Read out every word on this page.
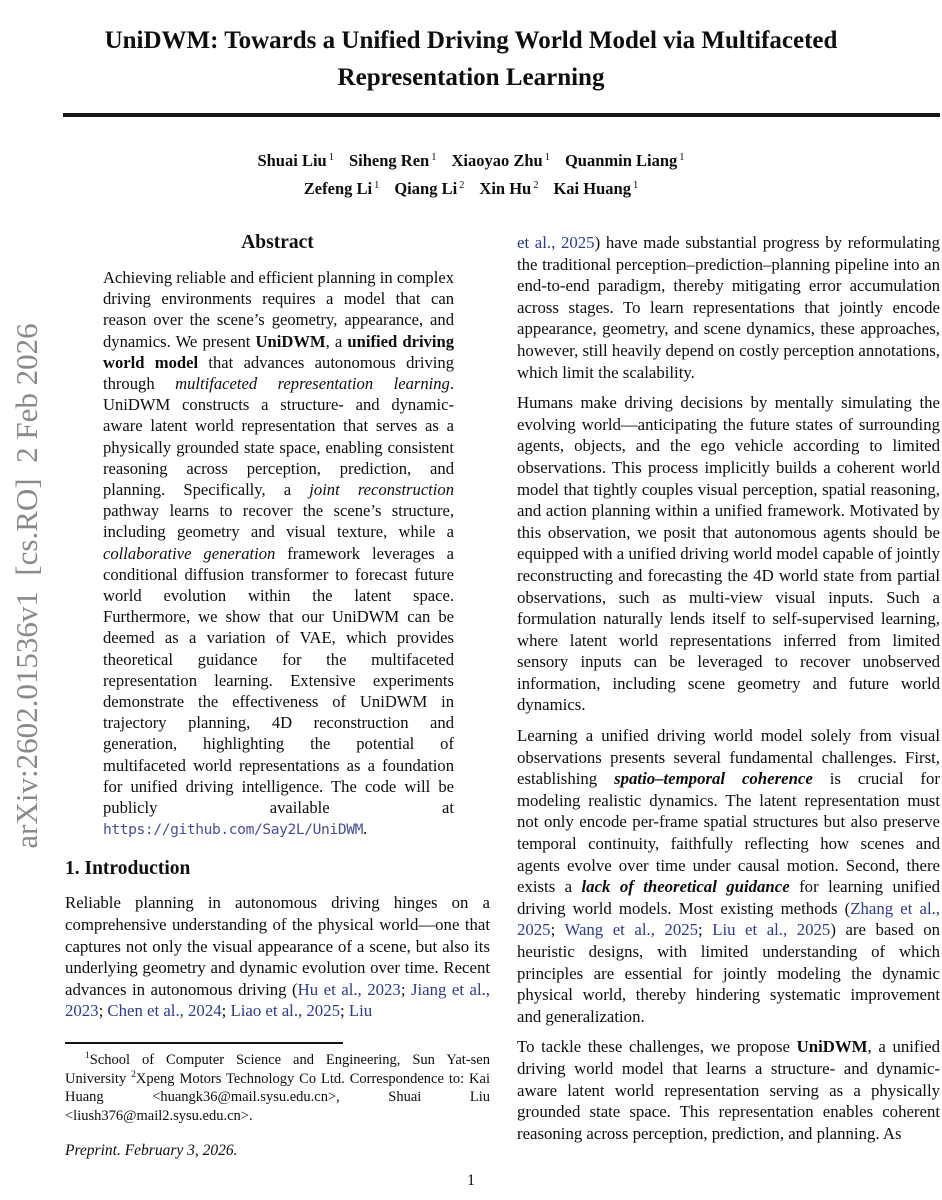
arXiv:2602.01536v1  [cs.RO]  2 Feb 2026
UniDWM: Towards a Unified Driving World Model via Multifaceted
Representation Learning
Shuai Liu $^1$ Siheng Ren $^1$ Xiaoyao Zhu $^1$ Quanmin Liang $^1$
Zefeng Li $^1$ Qiang Li $^2$ Xin Hu $^2$ Kai Huang $^1$
Abstract
Achieving reliable and efficient planning in complex driving environments requires a model that can reason over the scene’s geometry, appearance, and dynamics. We present UniDWM, a unified driving world model that advances autonomous driving through multifaceted representation learning. UniDWM constructs a structure- and dynamic-aware latent world representation that serves as a physically grounded state space, enabling consistent reasoning across perception, prediction, and planning. Specifically, a joint reconstruction pathway learns to recover the scene’s structure, including geometry and visual texture, while a collaborative generation framework leverages a conditional diffusion transformer to forecast future world evolution within the latent space. Furthermore, we show that our UniDWM can be deemed as a variation of VAE, which provides theoretical guidance for the multifaceted representation learning. Extensive experiments demonstrate the effectiveness of UniDWM in trajectory planning, 4D reconstruction and generation, highlighting the potential of multifaceted world representations as a foundation for unified driving intelligence. The code will be publicly available at https://github.com/Say2L/UniDWM.
1. Introduction
Reliable planning in autonomous driving hinges on a comprehensive understanding of the physical world—one that captures not only the visual appearance of a scene, but also its underlying geometry and dynamic evolution over time. Recent advances in autonomous driving (Hu et al., 2023; Jiang et al., 2023; Chen et al., 2024; Liao et al., 2025; Liu
et al., 2025) have made substantial progress by reformulating the traditional perception–prediction–planning pipeline into an end-to-end paradigm, thereby mitigating error accumulation across stages. To learn representations that jointly encode appearance, geometry, and scene dynamics, these approaches, however, still heavily depend on costly perception annotations, which limit the scalability.
Humans make driving decisions by mentally simulating the evolving world—anticipating the future states of surrounding agents, objects, and the ego vehicle according to limited observations. This process implicitly builds a coherent world model that tightly couples visual perception, spatial reasoning, and action planning within a unified framework. Motivated by this observation, we posit that autonomous agents should be equipped with a unified driving world model capable of jointly reconstructing and forecasting the 4D world state from partial observations, such as multi-view visual inputs. Such a formulation naturally lends itself to self-supervised learning, where latent world representations inferred from limited sensory inputs can be leveraged to recover unobserved information, including scene geometry and future world dynamics.
Learning a unified driving world model solely from visual observations presents several fundamental challenges. First, establishing spatio–temporal coherence is crucial for modeling realistic dynamics. The latent representation must not only encode per-frame spatial structures but also preserve temporal continuity, faithfully reflecting how scenes and agents evolve over time under causal motion. Second, there exists a lack of theoretical guidance for learning unified driving world models. Most existing methods (Zhang et al., 2025; Wang et al., 2025; Liu et al., 2025) are based on heuristic designs, with limited understanding of which principles are essential for jointly modeling the dynamic physical world, thereby hindering systematic improvement and generalization.
To tackle these challenges, we propose UniDWM, a unified driving world model that learns a structure- and dynamic-aware latent world representation serving as a physically grounded state space. This representation enables coherent reasoning across perception, prediction, and planning. As
$^1$School of Computer Science and Engineering, Sun Yat-sen University $^2$Xpeng Motors Technology Co Ltd. Correspondence to: Kai Huang <huangk36@mail.sysu.edu.cn>, Shuai Liu <liush376@mail2.sysu.edu.cn>.
Preprint. February 3, 2026.
1
